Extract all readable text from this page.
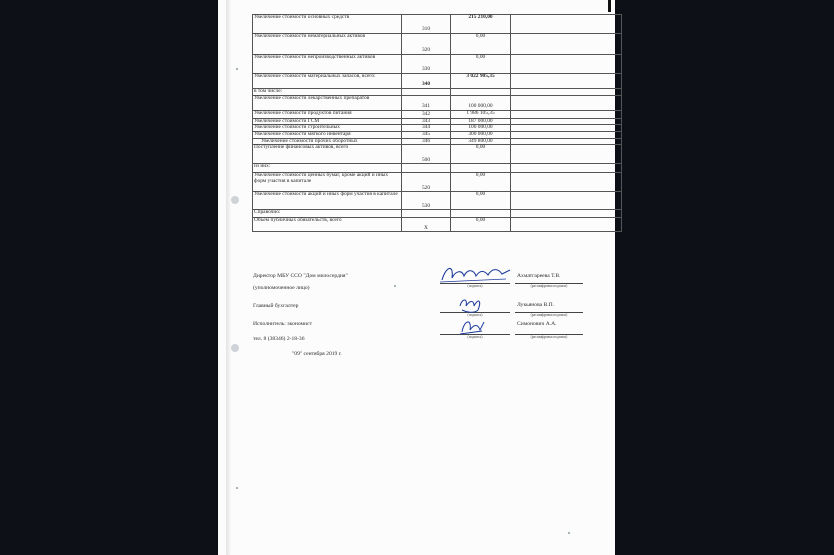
Увеличение стоимости основных средств	310	215 210,00	
Увеличение стоимости нематериальных активов	320	0,00	
Увеличение стоимости непроизводственных активов	330	0,00	
Увеличение стоимости материальных запасов, всего:	340	3 022 905,35	
в том числе:			
Увеличение стоимости лекарственных препаратов	341	100 000,00	
Увеличение стоимости продуктов питания	342	1 986 105,35	
Увеличение стоимости ГСМ	343	187 000,00	
Увеличение стоимости строительных	344	100 000,00	
Увеличение стоимости мягкого инвентаря	345	300 000,00	
Увеличение стоимости прочих оборотных	346	349 800,00	
Поступление финансовых активов, всего	500	0,00	
из них:			
Увеличение стоимости ценных бумаг, кроме акций и иных форм участия в капитале	520	0,00	
Увеличение стоимости акций и иных форм участия в капитале	530	0,00	
Справочно:			
Объем публичных обязательств, всего	X	0,00	
Директор МБУ ССО "Дом милосердия"
(уполномоченное лицо)
Ахматгареева Т.В.
(подпись)	(расшифровка подписи)
Главный бухгалтер	Лукьянова В.П.
(подпись)	(расшифровка подписи)
Исполнитель: экономист	Симонович А.А.
(подпись)	(расшифровка подписи)
тел. 8 (38346) 2-18-36
"09" сентября 2019 г.
